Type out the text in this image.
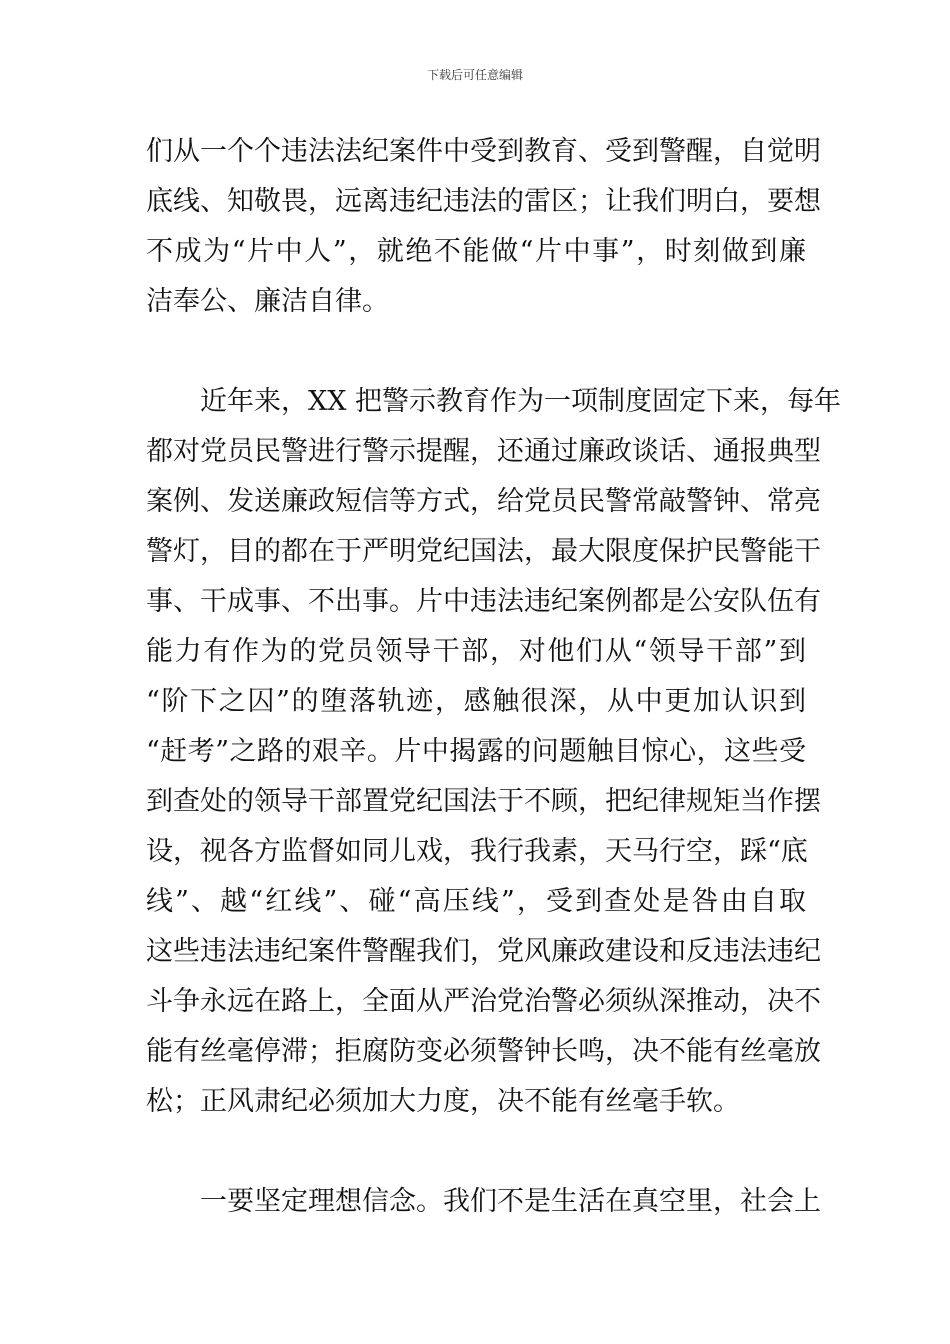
下载后可任意编辑
们从一个个违法法纪案件中受到教育、受到警醒，自觉明
底线、知敬畏，远离违纪违法的雷区；让我们明白，要想
不成为“片中人”，就绝不能做“片中事”，时刻做到廉
洁奉公、廉洁自律。
　　近年来，XX 把警示教育作为一项制度固定下来，每年
都对党员民警进行警示提醒，还通过廉政谈话、通报典型
案例、发送廉政短信等方式，给党员民警常敲警钟、常亮
警灯，目的都在于严明党纪国法，最大限度保护民警能干
事、干成事、不出事。片中违法违纪案例都是公安队伍有
能力有作为的党员领导干部，对他们从“领导干部”到
“阶下之囚”的堕落轨迹，感触很深，从中更加认识到
“赶考”之路的艰辛。片中揭露的问题触目惊心，这些受
到查处的领导干部置党纪国法于不顾，把纪律规矩当作摆
设，视各方监督如同儿戏，我行我素，天马行空，踩“底
线”、越“红线”、碰“高压线”，受到查处是咎由自取
这些违法违纪案件警醒我们，党风廉政建设和反违法违纪
斗争永远在路上，全面从严治党治警必须纵深推动，决不
能有丝毫停滞；拒腐防变必须警钟长鸣，决不能有丝毫放
松；正风肃纪必须加大力度，决不能有丝毫手软。
　　一要坚定理想信念。我们不是生活在真空里，社会上
